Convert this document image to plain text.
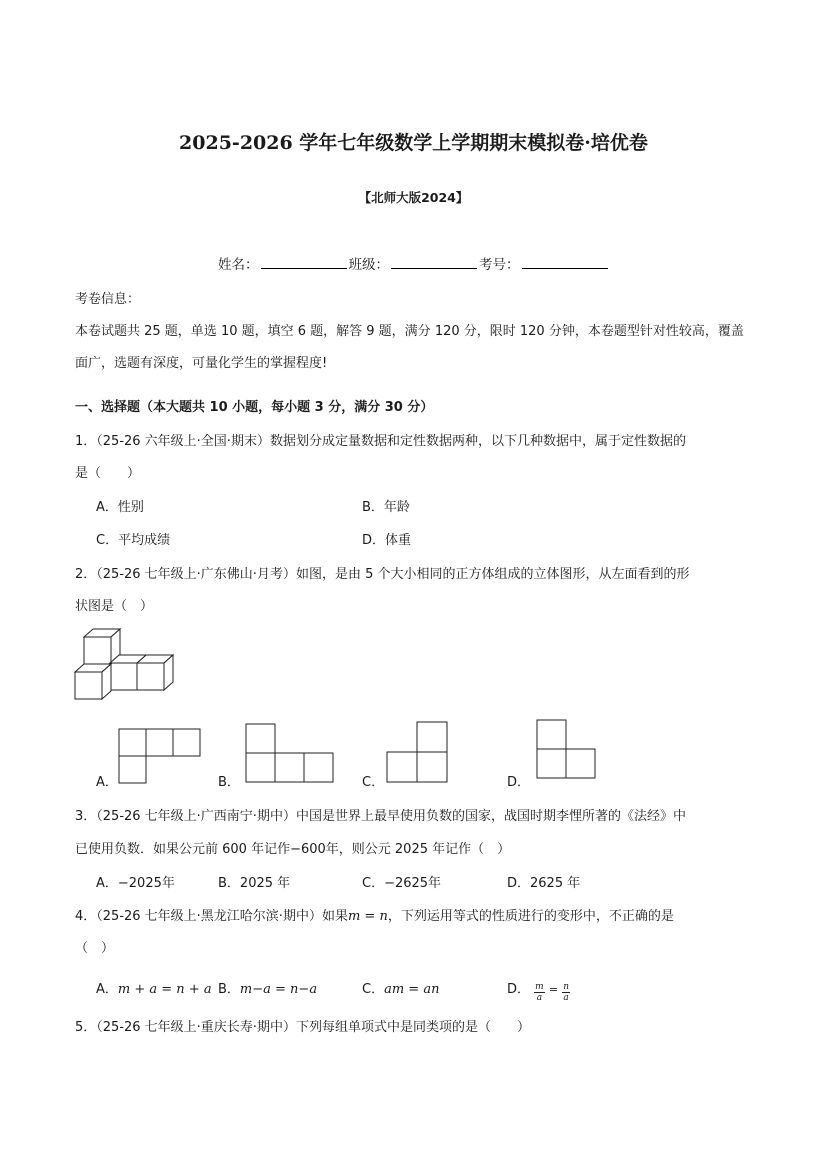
2025-2026 学年七年级数学上学期期末模拟卷·培优卷
【北师大版2024】
姓名：	班级：	考号：
考卷信息：
本卷试题共 25 题，单选 10 题，填空 6 题，解答 9 题，满分 120 分，限时 120 分钟，本卷题型针对性较高，覆盖
面广，选题有深度，可量化学生的掌握程度!
一、选择题（本大题共 10 小题，每小题 3 分，满分 30 分）
1．（25-26 六年级上·全国·期末）数据划分成定量数据和定性数据两种，以下几种数据中，属于定性数据的
是（　　）
A．性别	B．年龄
C．平均成绩	D．体重
2．（25-26 七年级上·广东佛山·月考）如图，是由 5 个大小相同的正方体组成的立体图形，从左面看到的形
状图是（　）
A．	B．	C．	D．
3．（25-26 七年级上·广西南宁·期中）中国是世界上最早使用负数的国家，战国时期李悝所著的《法经》中
已使用负数．如果公元前 600 年记作−600年，则公元 2025 年记作（　）
A．−2025年	B．2025 年	C．−2625年	D．2625 年
4．（25-26 七年级上·黑龙江哈尔滨·期中）如果m = n，下列运用等式的性质进行的变形中，不正确的是
（　）
A．m + a = n + a B．m−a = n−a	C．am = an	D． $\frac{m}{a} = \frac{n}{a}$
5．（25-26 七年级上·重庆长寿·期中）下列每组单项式中是同类项的是（　　）
